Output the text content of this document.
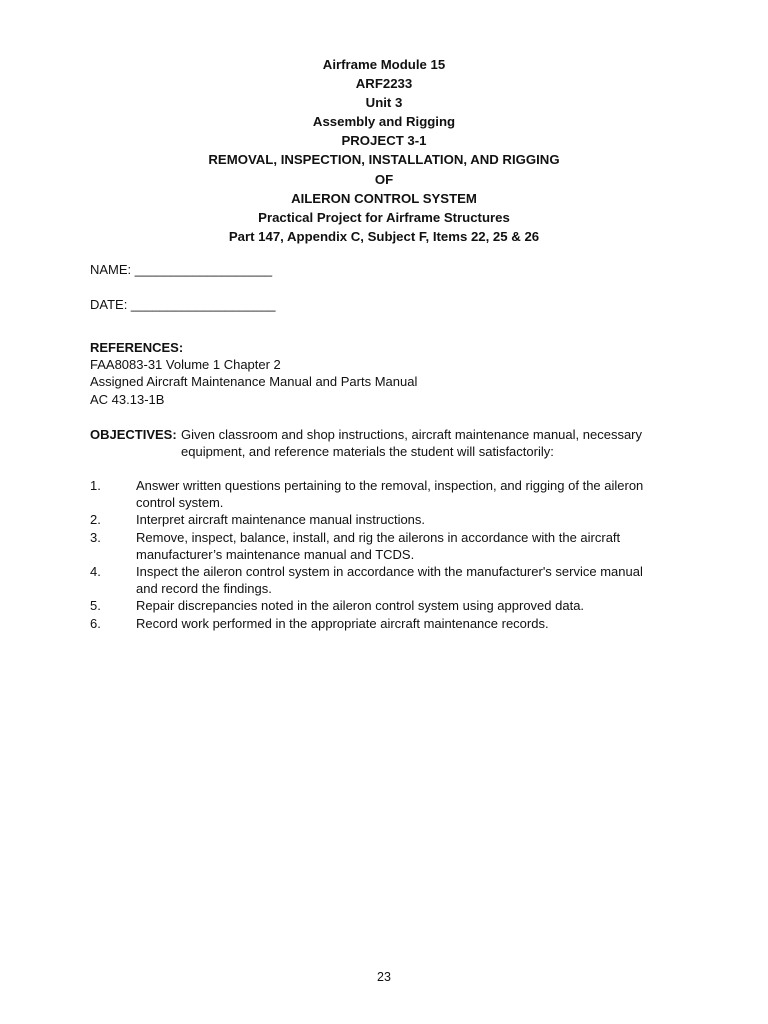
Airframe Module 15
ARF2233
Unit 3
Assembly and Rigging
PROJECT 3-1
REMOVAL, INSPECTION, INSTALLATION, AND RIGGING
OF
AILERON CONTROL SYSTEM
Practical Project for Airframe Structures
Part 147, Appendix C, Subject F, Items 22, 25 & 26
NAME: ___________________
DATE: ____________________
REFERENCES:
FAA8083-31 Volume 1 Chapter 2
Assigned Aircraft Maintenance Manual and Parts Manual
AC 43.13-1B
OBJECTIVES: Given classroom and shop instructions, aircraft maintenance manual, necessary equipment, and reference materials the student will satisfactorily:
1.	Answer written questions pertaining to the removal, inspection, and rigging of the aileron control system.
2.	Interpret aircraft maintenance manual instructions.
3.	Remove, inspect, balance, install, and rig the ailerons in accordance with the aircraft manufacturer’s maintenance manual and TCDS.
4.	Inspect the aileron control system in accordance with the manufacturer's service manual and record the findings.
5.	Repair discrepancies noted in the aileron control system using approved data.
6.	Record work performed in the appropriate aircraft maintenance records.
23
